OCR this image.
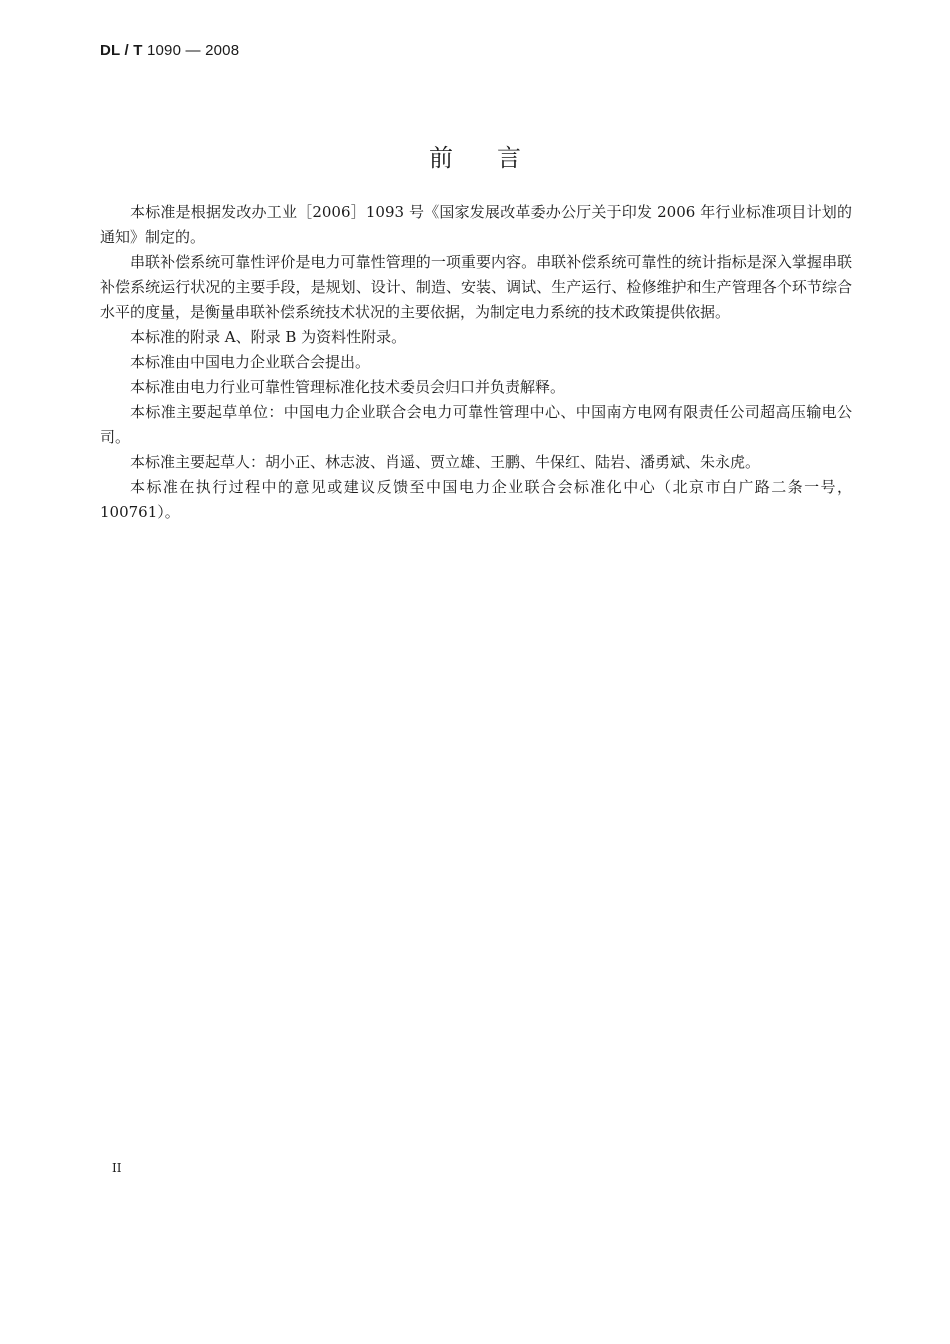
DL / T 1090 — 2008
前言

本标准是根据发改办工业［2006］1093 号《国家发展改革委办公厅关于印发 2006 年行业标准项目计划的通知》制定的。

串联补偿系统可靠性评价是电力可靠性管理的一项重要内容。串联补偿系统可靠性的统计指标是深入掌握串联补偿系统运行状况的主要手段，是规划、设计、制造、安装、调试、生产运行、检修维护和生产管理各个环节综合水平的度量，是衡量串联补偿系统技术状况的主要依据，为制定电力系统的技术政策提供依据。

本标准的附录 A、附录 B 为资料性附录。

本标准由中国电力企业联合会提出。

本标准由电力行业可靠性管理标准化技术委员会归口并负责解释。

本标准主要起草单位：中国电力企业联合会电力可靠性管理中心、中国南方电网有限责任公司超高压输电公司。

本标准主要起草人：胡小正、林志波、肖遥、贾立雄、王鹏、牛保红、陆岩、潘勇斌、朱永虎。

本标准在执行过程中的意见或建议反馈至中国电力企业联合会标准化中心（北京市白广路二条一号，100761）。

II
